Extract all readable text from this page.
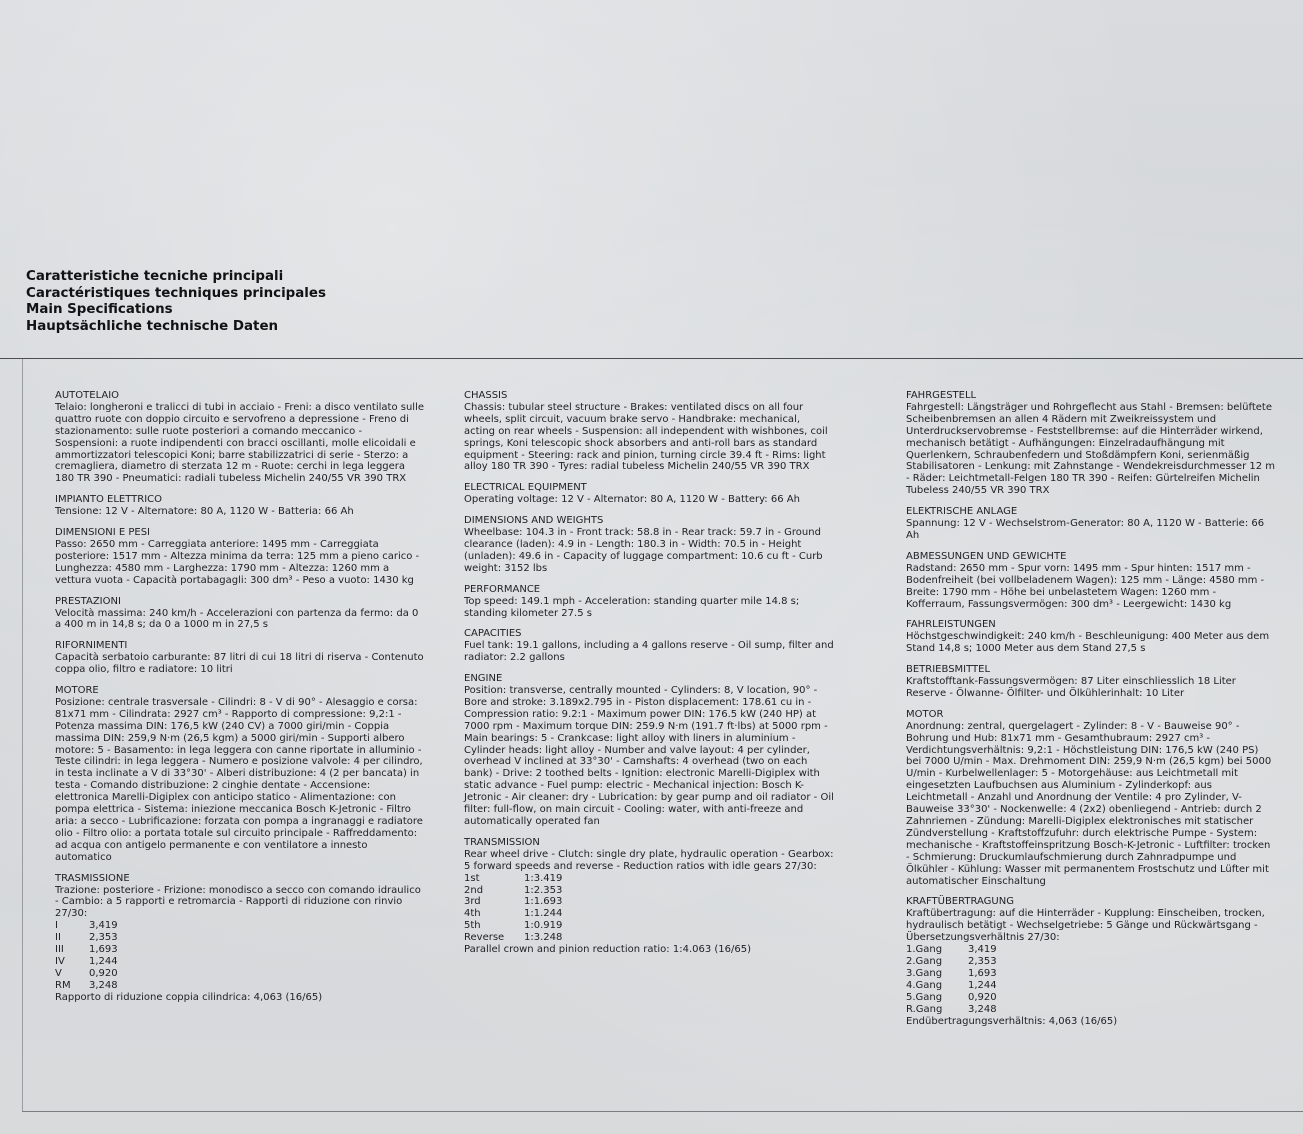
Caratteristiche tecniche principali
Caractéristiques techniques principales
Main Specifications
Hauptsächliche technische Daten
AUTOTELAIO
Telaio: longheroni e tralicci di tubi in acciaio - Freni: a disco ventilato sulle quattro ruote con doppio circuito e servofreno a depressione - Freno di stazionamento: sulle ruote posteriori a comando meccanico - Sospensioni: a ruote indipendenti con bracci oscillanti, molle elicoidali e ammortizzatori telescopici Koni; barre stabilizzatrici di serie - Sterzo: a cremagliera, diametro di sterzata 12 m - Ruote: cerchi in lega leggera 180 TR 390 - Pneumatici: radiali tubeless Michelin 240/55 VR 390 TRX
IMPIANTO ELETTRICO
Tensione: 12 V - Alternatore: 80 A, 1120 W - Batteria: 66 Ah
DIMENSIONI E PESI
Passo: 2650 mm - Carreggiata anteriore: 1495 mm - Carreggiata posteriore: 1517 mm - Altezza minima da terra: 125 mm a pieno carico - Lunghezza: 4580 mm - Larghezza: 1790 mm - Altezza: 1260 mm a vettura vuota - Capacità portabagagli: 300 dm³ - Peso a vuoto: 1430 kg
PRESTAZIONI
Velocità massima: 240 km/h - Accelerazioni con partenza da fermo: da 0 a 400 m in 14,8 s; da 0 a 1000 m in 27,5 s
RIFORNIMENTI
Capacità serbatoio carburante: 87 litri di cui 18 litri di riserva - Contenuto coppa olio, filtro e radiatore: 10 litri
MOTORE
Posizione: centrale trasversale - Cilindri: 8 - V di 90° - Alesaggio e corsa: 81x71 mm - Cilindrata: 2927 cm³ - Rapporto di compressione: 9,2:1 - Potenza massima DIN: 176,5 kW (240 CV) a 7000 giri/min - Coppia massima DIN: 259,9 N·m (26,5 kgm) a 5000 giri/min - Supporti albero motore: 5 - Basamento: in lega leggera con canne riportate in alluminio - Teste cilindri: in lega leggera - Numero e posizione valvole: 4 per cilindro, in testa inclinate a V di 33°30' - Alberi distribuzione: 4 (2 per bancata) in testa - Comando distribuzione: 2 cinghie dentate - Accensione: elettronica Marelli-Digiplex con anticipo statico - Alimentazione: con pompa elettrica - Sistema: iniezione meccanica Bosch K-Jetronic - Filtro aria: a secco - Lubrificazione: forzata con pompa a ingranaggi e radiatore olio - Filtro olio: a portata totale sul circuito principale - Raffreddamento: ad acqua con antigelo permanente e con ventilatore a innesto automatico
TRASMISSIONE
Trazione: posteriore - Frizione: monodisco a secco con comando idraulico - Cambio: a 5 rapporti e retromarcia - Rapporti di riduzione con rinvio 27/30:
I	3,419
II	2,353
III	1,693
IV	1,244
V	0,920
RM	3,248
Rapporto di riduzione coppia cilindrica: 4,063 (16/65)
CHASSIS
Chassis: tubular steel structure - Brakes: ventilated discs on all four wheels, split circuit, vacuum brake servo - Handbrake: mechanical, acting on rear wheels - Suspension: all independent with wishbones, coil springs, Koni telescopic shock absorbers and anti-roll bars as standard equipment - Steering: rack and pinion, turning circle 39.4 ft - Rims: light alloy 180 TR 390 - Tyres: radial tubeless Michelin 240/55 VR 390 TRX
ELECTRICAL EQUIPMENT
Operating voltage: 12 V - Alternator: 80 A, 1120 W - Battery: 66 Ah
DIMENSIONS AND WEIGHTS
Wheelbase: 104.3 in - Front track: 58.8 in - Rear track: 59.7 in - Ground clearance (laden): 4.9 in - Length: 180.3 in - Width: 70.5 in - Height (unladen): 49.6 in - Capacity of luggage compartment: 10.6 cu ft - Curb weight: 3152 lbs
PERFORMANCE
Top speed: 149.1 mph - Acceleration: standing quarter mile 14.8 s; standing kilometer 27.5 s
CAPACITIES
Fuel tank: 19.1 gallons, including a 4 gallons reserve - Oil sump, filter and radiator: 2.2 gallons
ENGINE
Position: transverse, centrally mounted - Cylinders: 8, V location, 90° - Bore and stroke: 3.189x2.795 in - Piston displacement: 178.61 cu in - Compression ratio: 9.2:1 - Maximum power DIN: 176.5 kW (240 HP) at 7000 rpm - Maximum torque DIN: 259.9 N·m (191.7 ft·lbs) at 5000 rpm - Main bearings: 5 - Crankcase: light alloy with liners in aluminium - Cylinder heads: light alloy - Number and valve layout: 4 per cylinder, overhead V inclined at 33°30' - Camshafts: 4 overhead (two on each bank) - Drive: 2 toothed belts - Ignition: electronic Marelli-Digiplex with static advance - Fuel pump: electric - Mechanical injection: Bosch K-Jetronic - Air cleaner: dry - Lubrication: by gear pump and oil radiator - Oil filter: full-flow, on main circuit - Cooling: water, with anti-freeze and automatically operated fan
TRANSMISSION
Rear wheel drive - Clutch: single dry plate, hydraulic operation - Gearbox: 5 forward speeds and reverse - Reduction ratios with idle gears 27/30:
1st	1:3.419
2nd	1:2.353
3rd	1:1.693
4th	1:1.244
5th	1:0.919
Reverse	1:3.248
Parallel crown and pinion reduction ratio: 1:4.063 (16/65)
FAHRGESTELL
Fahrgestell: Längsträger und Rohrgeflecht aus Stahl - Bremsen: belüftete Scheibenbremsen an allen 4 Rädern mit Zweikreissystem und Unterdruckservobremse - Feststellbremse: auf die Hinterräder wirkend, mechanisch betätigt - Aufhängungen: Einzelradaufhängung mit Querlenkern, Schraubenfedern und Stoßdämpfern Koni, serienmäßig Stabilisatoren - Lenkung: mit Zahnstange - Wendekreisdurchmesser 12 m - Räder: Leichtmetall-Felgen 180 TR 390 - Reifen: Gürtelreifen Michelin Tubeless 240/55 VR 390 TRX
ELEKTRISCHE ANLAGE
Spannung: 12 V - Wechselstrom-Generator: 80 A, 1120 W - Batterie: 66 Ah
ABMESSUNGEN UND GEWICHTE
Radstand: 2650 mm - Spur vorn: 1495 mm - Spur hinten: 1517 mm - Bodenfreiheit (bei vollbeladenem Wagen): 125 mm - Länge: 4580 mm - Breite: 1790 mm - Höhe bei unbelastetem Wagen: 1260 mm - Kofferraum, Fassungsvermögen: 300 dm³ - Leergewicht: 1430 kg
FAHRLEISTUNGEN
Höchstgeschwindigkeit: 240 km/h - Beschleunigung: 400 Meter aus dem Stand 14,8 s; 1000 Meter aus dem Stand 27,5 s
BETRIEBSMITTEL
Kraftstofftank-Fassungsvermögen: 87 Liter einschliesslich 18 Liter Reserve - Ölwanne- Ölfilter- und Ölkühlerinhalt: 10 Liter
MOTOR
Anordnung: zentral, quergelagert - Zylinder: 8 - V - Bauweise 90° - Bohrung und Hub: 81x71 mm - Gesamthubraum: 2927 cm³ - Verdichtungsverhältnis: 9,2:1 - Höchstleistung DIN: 176,5 kW (240 PS) bei 7000 U/min - Max. Drehmoment DIN: 259,9 N·m (26,5 kgm) bei 5000 U/min - Kurbelwellenlager: 5 - Motorgehäuse: aus Leichtmetall mit eingesetzten Laufbuchsen aus Aluminium - Zylinderkopf: aus Leichtmetall - Anzahl und Anordnung der Ventile: 4 pro Zylinder, V-Bauweise 33°30' - Nockenwelle: 4 (2x2) obenliegend - Antrieb: durch 2 Zahnriemen - Zündung: Marelli-Digiplex elektronisches mit statischer Zündverstellung - Kraftstoffzufuhr: durch elektrische Pumpe - System: mechanische - Kraftstoffeinspritzung Bosch-K-Jetronic - Luftfilter: trocken - Schmierung: Druckumlaufschmierung durch Zahnradpumpe und Ölkühler - Kühlung: Wasser mit permanentem Frostschutz und Lüfter mit automatischer Einschaltung
KRAFTÜBERTRAGUNG
Kraftübertragung: auf die Hinterräder - Kupplung: Einscheiben, trocken, hydraulisch betätigt - Wechselgetriebe: 5 Gänge und Rückwärtsgang - Übersetzungsverhältnis 27/30:
1.Gang	3,419
2.Gang	2,353
3.Gang	1,693
4.Gang	1,244
5.Gang	0,920
R.Gang	3,248
Endübertragungsverhältnis: 4,063 (16/65)
